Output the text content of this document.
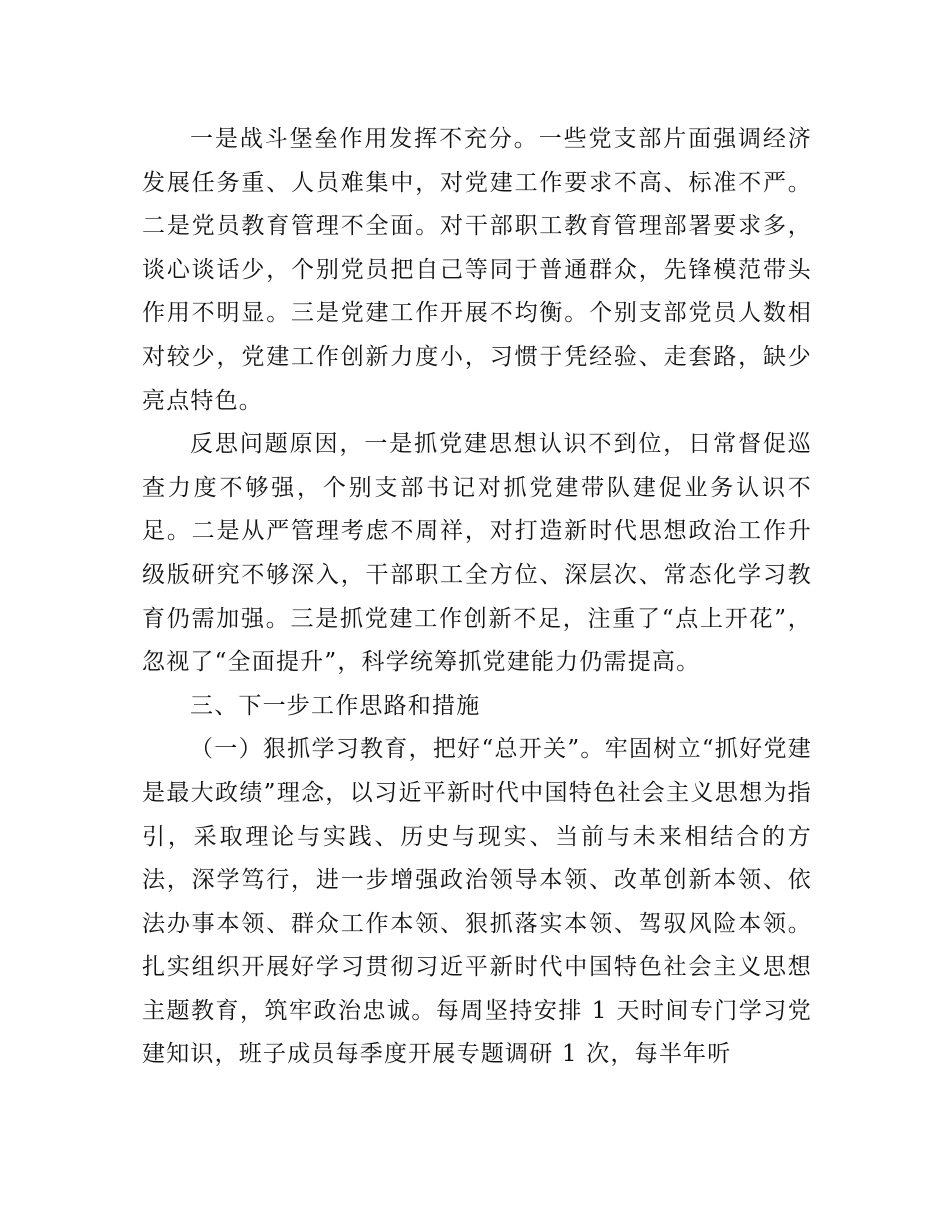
一是战斗堡垒作用发挥不充分。一些党支部片面强调经济发展任务重、人员难集中，对党建工作要求不高、标准不严。二是党员教育管理不全面。对干部职工教育管理部署要求多，谈心谈话少，个别党员把自己等同于普通群众，先锋模范带头作用不明显。三是党建工作开展不均衡。个别支部党员人数相对较少，党建工作创新力度小，习惯于凭经验、走套路，缺少亮点特色。

反思问题原因，一是抓党建思想认识不到位，日常督促巡查力度不够强，个别支部书记对抓党建带队建促业务认识不足。二是从严管理考虑不周祥，对打造新时代思想政治工作升级版研究不够深入，干部职工全方位、深层次、常态化学习教育仍需加强。三是抓党建工作创新不足，注重了“点上开花”，忽视了“全面提升”，科学统筹抓党建能力仍需提高。

三、下一步工作思路和措施

（一）狠抓学习教育，把好“总开关”。牢固树立“抓好党建是最大政绩”理念，以习近平新时代中国特色社会主义思想为指引，采取理论与实践、历史与现实、当前与未来相结合的方法，深学笃行，进一步增强政治领导本领、改革创新本领、依法办事本领、群众工作本领、狠抓落实本领、驾驭风险本领。扎实组织开展好学习贯彻习近平新时代中国特色社会主义思想主题教育，筑牢政治忠诚。每周坚持安排 1 天时间专门学习党建知识，班子成员每季度开展专题调研 1 次，每半年听
